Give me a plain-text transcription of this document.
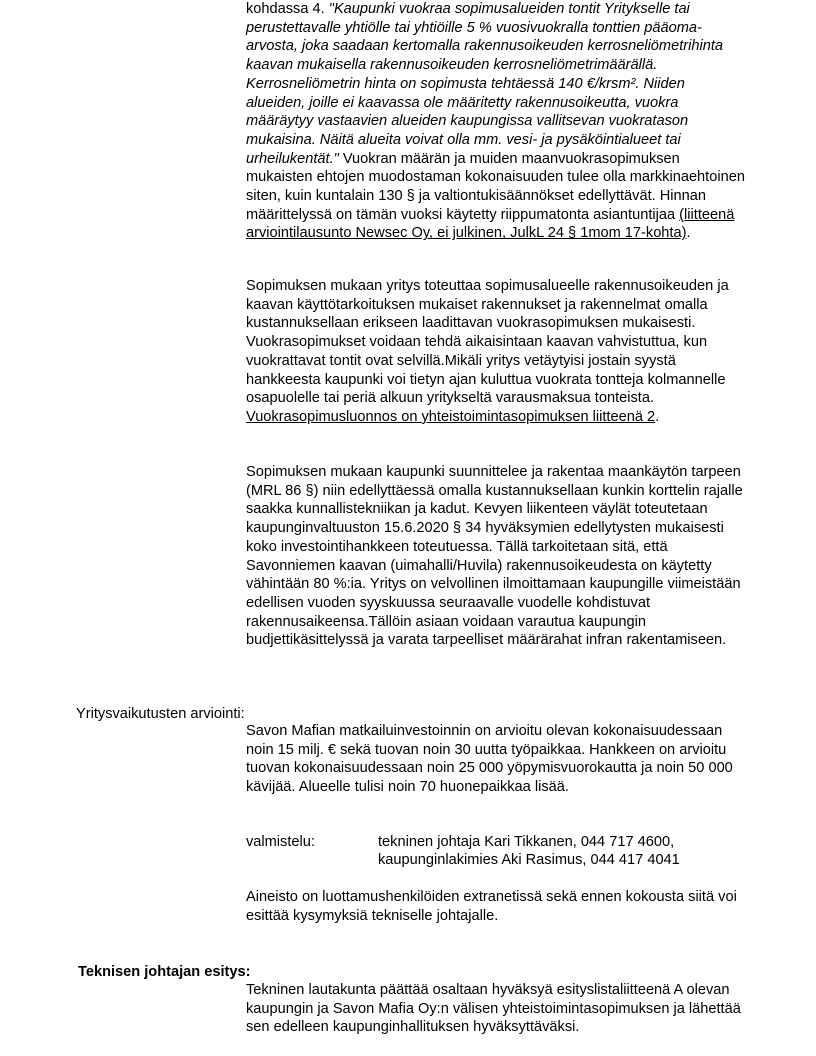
kohdassa 4. "Kaupunki vuokraa sopimusalueiden tontit Yritykselle tai perustettavalle yhtiölle tai yhtiöille 5 % vuosivuokralla tonttien pääoma-arvosta, joka saadaan kertomalla rakennusoikeuden kerrosneliömetrihinta kaavan mukaisella rakennusoikeuden kerrosneliömetrimäärällä. Kerrosneliömetrin hinta on sopimusta tehtäessä 140 €/krsm². Niiden alueiden, joille ei kaavassa ole määritetty rakennusoikeutta, vuokra määräytyy vastaavien alueiden kaupungissa vallitsevan vuokratason mukaisina. Näitä alueita voivat olla mm. vesi- ja pysäköintialueet tai urheilukentät." Vuokran määrän ja muiden maanvuokrasopimuksen mukaisten ehtojen muodostaman kokonaisuuden tulee olla markkinaehtoinen siten, kuin kuntalain 130 § ja valtiontukisäännökset edellyttävät. Hinnan määrittelyssä on tämän vuoksi käytetty riippumatonta asiantuntijaa (liitteenä arviointilausunto Newsec Oy, ei julkinen, JulkL 24 § 1mom 17-kohta).

Sopimuksen mukaan yritys toteuttaa sopimusalueelle rakennusoikeuden ja kaavan käyttötarkoituksen mukaiset rakennukset ja rakennelmat omalla kustannuksellaan erikseen laadittavan vuokrasopimuksen mukaisesti. Vuokrasopimukset voidaan tehdä aikaisintaan kaavan vahvistuttua, kun vuokrattavat tontit ovat selvillä.Mikäli yritys vetäytyisi jostain syystä hankkeesta kaupunki voi tietyn ajan kuluttua vuokrata tontteja kolmannelle osapuolelle tai periä alkuun yritykseltä varausmaksua tonteista. Vuokrasopimusluonnos on yhteistoimintasopimuksen liitteenä 2.

Sopimuksen mukaan kaupunki suunnittelee ja rakentaa maankäytön tarpeen (MRL 86 §) niin edellyttäessä omalla kustannuksellaan kunkin korttelin rajalle saakka kunnallistekniikan ja kadut. Kevyen liikenteen väylät toteutetaan kaupunginvaltuuston 15.6.2020 § 34 hyväksymien edellytysten mukaisesti koko investointihankkeen toteutuessa. Tällä tarkoitetaan sitä, että Savonniemen kaavan (uimahalli/Huvila) rakennusoikeudesta on käytetty vähintään 80 %:ia. Yritys on velvollinen ilmoittamaan kaupungille viimeistään edellisen vuoden syyskuussa seuraavalle vuodelle kohdistuvat rakennusaikeensa.Tällöin asiaan voidaan varautua kaupungin budjettikäsittelyssä ja varata tarpeelliset määrärahat infran rakentamiseen.

Yritysvaikutusten arviointi:

Savon Mafian matkailuinvestoinnin on arvioitu olevan kokonaisuudessaan noin 15 milj. € sekä tuovan noin 30 uutta työpaikkaa. Hankkeen on arvioitu tuovan kokonaisuudessaan noin 25 000 yöpymisvuorokautta ja noin 50 000 kävijää. Alueelle tulisi noin 70 huonepaikkaa lisää.

valmistelu:	tekninen johtaja Kari Tikkanen, 044 717 4600,
kaupunginlakimies Aki Rasimus, 044 417 4041

Aineisto on luottamushenkilöiden extranetissä sekä ennen kokousta siitä voi esittää kysymyksiä tekniselle johtajalle.

Teknisen johtajan esitys:

Tekninen lautakunta päättää osaltaan hyväksyä esityslistaliitteenä A olevan kaupungin ja Savon Mafia Oy:n välisen yhteistoimintasopimuksen ja lähettää sen edelleen kaupunginhallituksen hyväksyttäväksi.
